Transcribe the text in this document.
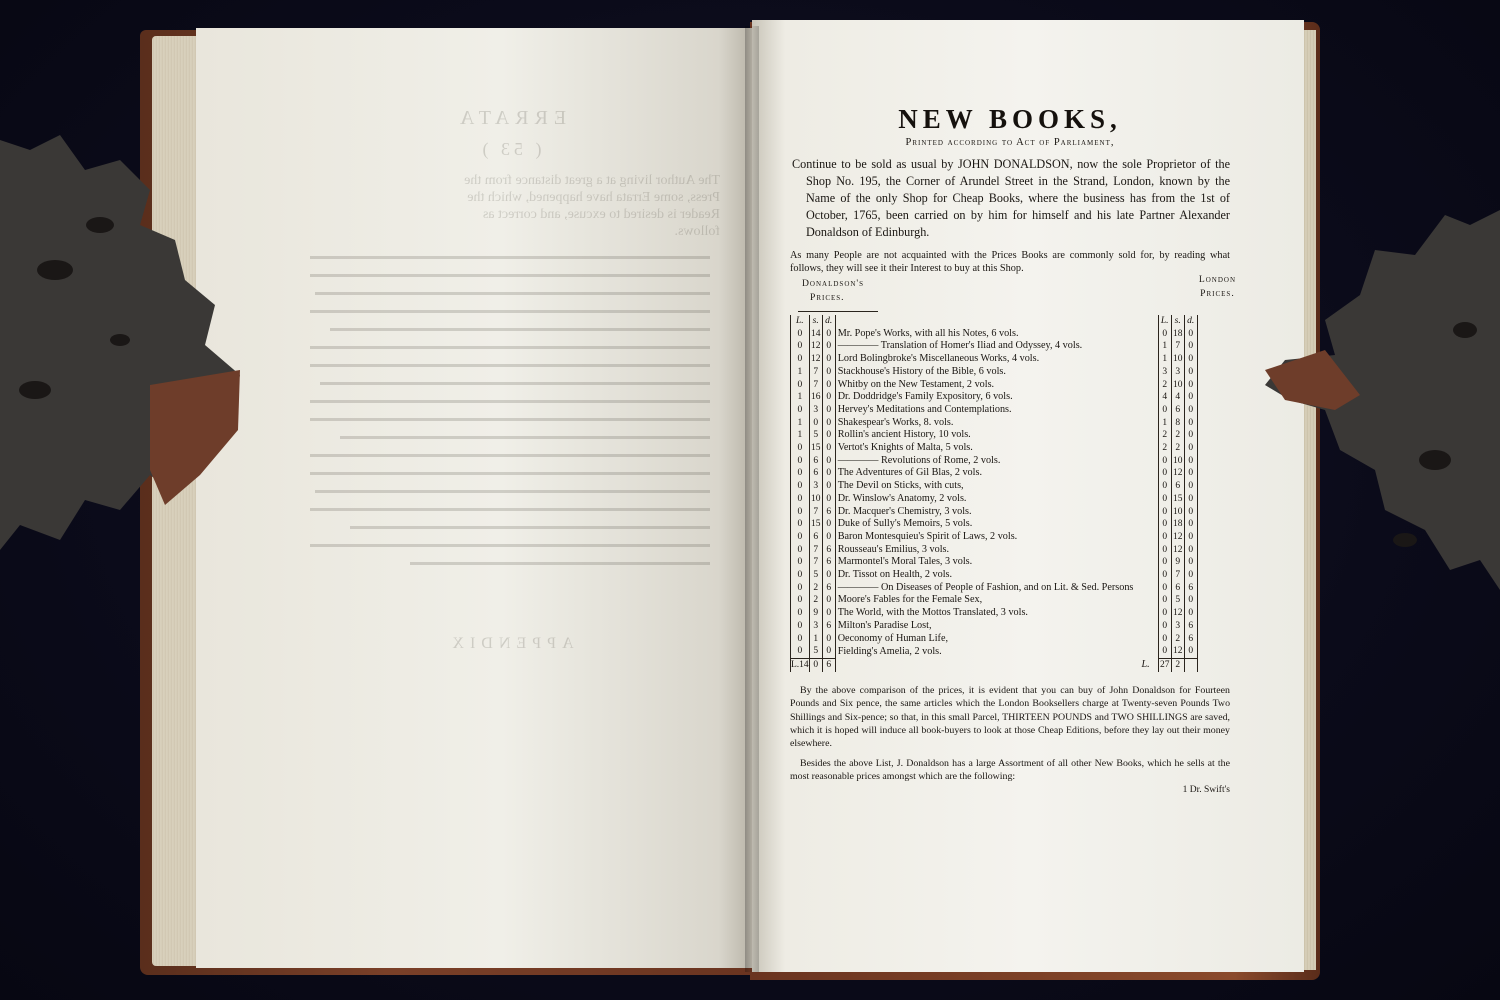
ERRATA
( 53 )
The Author living at a great distance from the
Press, some Errata have happened, which the
Reader is desired to excuse, and correct as
follows.
APPENDIX
NEW BOOKS,
Printed according to Act of Parliament,
Continue to be sold as usual by JOHN DONALDSON, now the sole Proprietor of the Shop No. 195, the Corner of Arundel Street in the Strand, London, known by the Name of the only Shop for Cheap Books, where the business has from the 1st of October, 1765, been carried on by him for himself and his late Partner Alexander Donaldson of Edinburgh.
As many People are not acquainted with the Prices Books are commonly sold for, by reading what follows, they will see it their Interest to buy at this Shop.
Donaldson's
Prices.
London
Prices.
L.	s.	d.		L.	s.	d.
0	14	0	Mr. Pope's Works, with all his Notes, 6 vols.	0	18	0
0	12	0	———— Translation of Homer's Iliad and Odyssey, 4 vols.	1	7	0
0	12	0	Lord Bolingbroke's Miscellaneous Works, 4 vols.	1	10	0
1	7	0	Stackhouse's History of the Bible, 6 vols.	3	3	0
0	7	0	Whitby on the New Testament, 2 vols.	2	10	0
1	16	0	Dr. Doddridge's Family Expository, 6 vols.	4	4	0
0	3	0	Hervey's Meditations and Contemplations.	0	6	0
1	0	0	Shakespear's Works, 8. vols.	1	8	0
1	5	0	Rollin's ancient History, 10 vols.	2	2	0
0	15	0	Vertot's Knights of Malta, 5 vols.	2	2	0
0	6	0	———— Revolutions of Rome, 2 vols.	0	10	0
0	6	0	The Adventures of Gil Blas, 2 vols.	0	12	0
0	3	0	The Devil on Sticks, with cuts,	0	6	0
0	10	0	Dr. Winslow's Anatomy, 2 vols.	0	15	0
0	7	6	Dr. Macquer's Chemistry, 3 vols.	0	10	0
0	15	0	Duke of Sully's Memoirs, 5 vols.	0	18	0
0	6	0	Baron Montesquieu's Spirit of Laws, 2 vols.	0	12	0
0	7	6	Rousseau's Emilius, 3 vols.	0	12	0
0	7	6	Marmontel's Moral Tales, 3 vols.	0	9	0
0	5	0	Dr. Tissot on Health, 2 vols.	0	7	0
0	2	6	———— On Diseases of People of Fashion, and on Lit. & Sed. Persons	0	6	6
0	2	0	Moore's Fables for the Female Sex,	0	5	0
0	9	0	The World, with the Mottos Translated, 3 vols.	0	12	0
0	3	6	Milton's Paradise Lost,	0	3	6
0	1	0	Oeconomy of Human Life,	0	2	6
0	5	0	Fielding's Amelia, 2 vols.	0	12	0
L.14	0	6	L.	27	2	

By the above comparison of the prices, it is evident that you can buy of John Donaldson for Fourteen Pounds and Six pence, the same articles which the London Booksellers charge at Twenty-seven Pounds Two Shillings and Six-pence; so that, in this small Parcel, THIRTEEN POUNDS and TWO SHILLINGS are saved, which it is hoped will induce all book-buyers to look at those Cheap Editions, before they lay out their money elsewhere.

Besides the above List, J. Donaldson has a large Assortment of all other New Books, which he sells at the most reasonable prices amongst which are the following:

1 Dr. Swift's
